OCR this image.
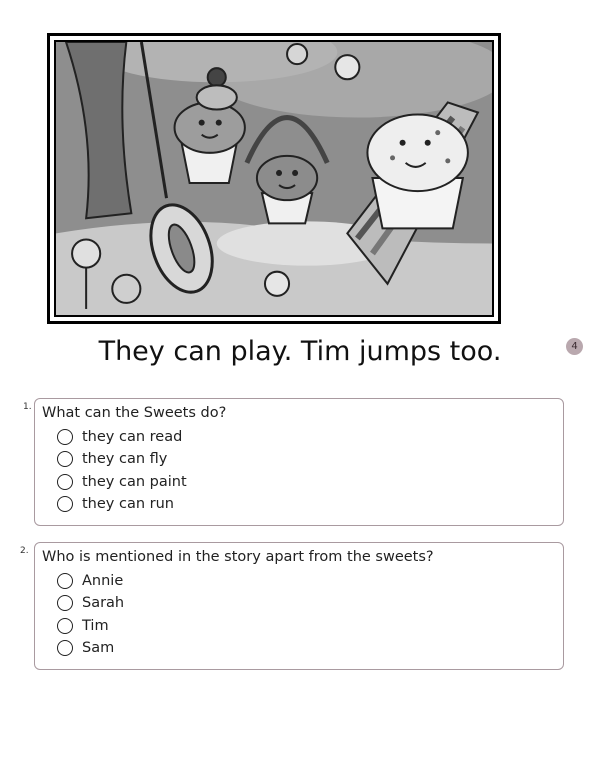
They can play. Tim jumps too.	4
1. What can the Sweets do?
they can read
they can fly
they can paint
they can run
2. Who is mentioned in the story apart from the sweets?
Annie
Sarah
Tim
Sam
